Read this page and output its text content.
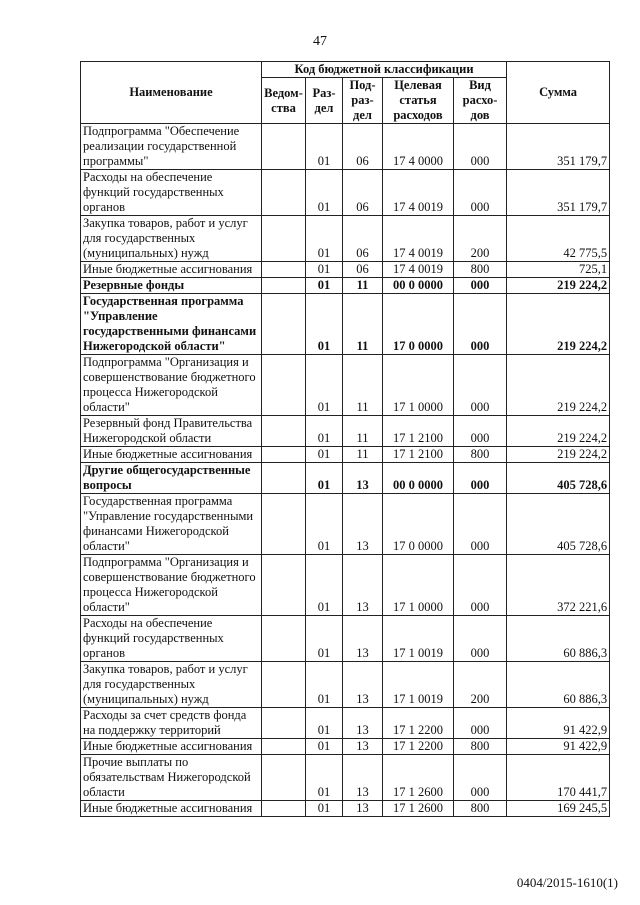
47
Наименование	Код бюджетной классификации					Сумма
	Ведом-ства	Раз-дел	Под-раз-дел	Целевая статья расходов	Вид расхо-дов	
Подпрограмма "Обеспечение реализации государственной программы"		01	06	17 4 0000	000	351 179,7
Расходы на обеспечение функций государственных органов		01	06	17 4 0019	000	351 179,7
Закупка товаров, работ и услуг для государственных (муниципальных) нужд		01	06	17 4 0019	200	42 775,5
Иные бюджетные ассигнования		01	06	17 4 0019	800	725,1
Резервные фонды		01	11	00 0 0000	000	219 224,2
Государственная программа "Управление государственными финансами Нижегородской области"		01	11	17 0 0000	000	219 224,2
Подпрограмма "Организация и совершенствование бюджетного процесса Нижегородской области"		01	11	17 1 0000	000	219 224,2
Резервный фонд Правительства Нижегородской области		01	11	17 1 2100	000	219 224,2
Иные бюджетные ассигнования		01	11	17 1 2100	800	219 224,2
Другие общегосударственные вопросы		01	13	00 0 0000	000	405 728,6
Государственная программа "Управление государственными финансами Нижегородской области"		01	13	17 0 0000	000	405 728,6
Подпрограмма "Организация и совершенствование бюджетного процесса Нижегородской области"		01	13	17 1 0000	000	372 221,6
Расходы на обеспечение функций государственных органов		01	13	17 1 0019	000	60 886,3
Закупка товаров, работ и услуг для государственных (муниципальных) нужд		01	13	17 1 0019	200	60 886,3
Расходы за счет средств фонда на поддержку территорий		01	13	17 1 2200	000	91 422,9
Иные бюджетные ассигнования		01	13	17 1 2200	800	91 422,9
Прочие выплаты по обязательствам Нижегородской области		01	13	17 1 2600	000	170 441,7
Иные бюджетные ассигнования		01	13	17 1 2600	800	169 245,5
0404/2015-1610(1)
